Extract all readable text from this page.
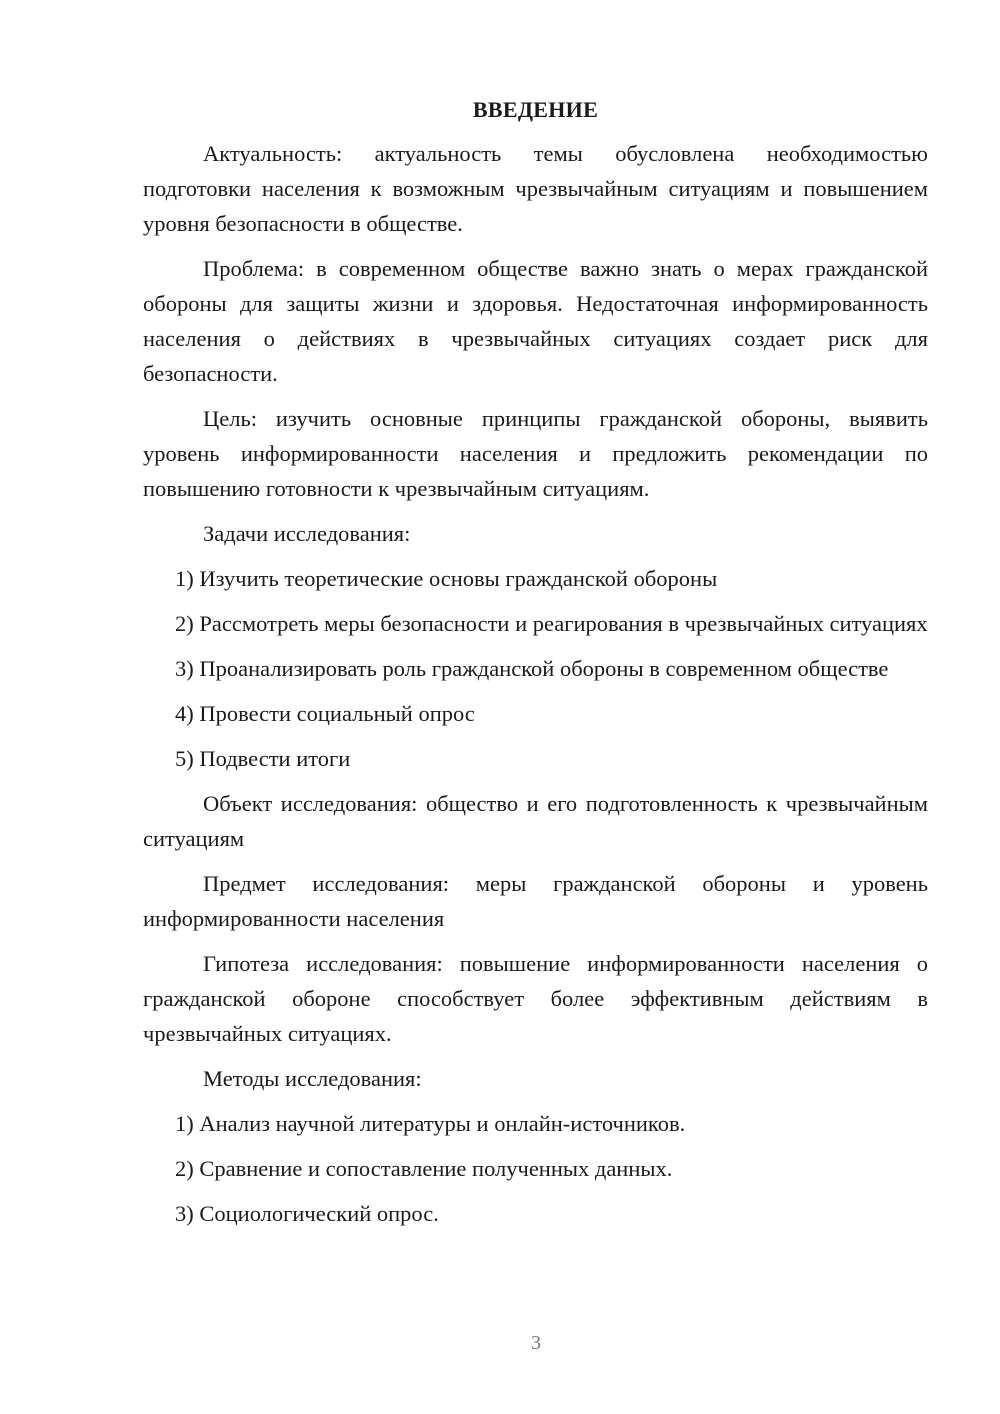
ВВЕДЕНИЕ

Актуальность: актуальность темы обусловлена необходимостью подготовки населения к возможным чрезвычайным ситуациям и повышением уровня безопасности в обществе.

Проблема: в современном обществе важно знать о мерах гражданской обороны для защиты жизни и здоровья. Недостаточная информированность населения о действиях в чрезвычайных ситуациях создает риск для безопасности.

Цель: изучить основные принципы гражданской обороны, выявить уровень информированности населения и предложить рекомендации по повышению готовности к чрезвычайным ситуациям.

Задачи исследования:

1) Изучить теоретические основы гражданской обороны

2) Рассмотреть меры безопасности и реагирования в чрезвычайных ситуациях

3) Проанализировать роль гражданской обороны в современном обществе

4) Провести социальный опрос

5) Подвести итоги

Объект исследования: общество и его подготовленность к чрезвычайным ситуациям

Предмет исследования: меры гражданской обороны и уровень информированности населения

Гипотеза исследования: повышение информированности населения о гражданской обороне способствует более эффективным действиям в чрезвычайных ситуациях.

Методы исследования:

1) Анализ научной литературы и онлайн-источников.

2) Сравнение и сопоставление полученных данных.

3) Социологический опрос.

3
